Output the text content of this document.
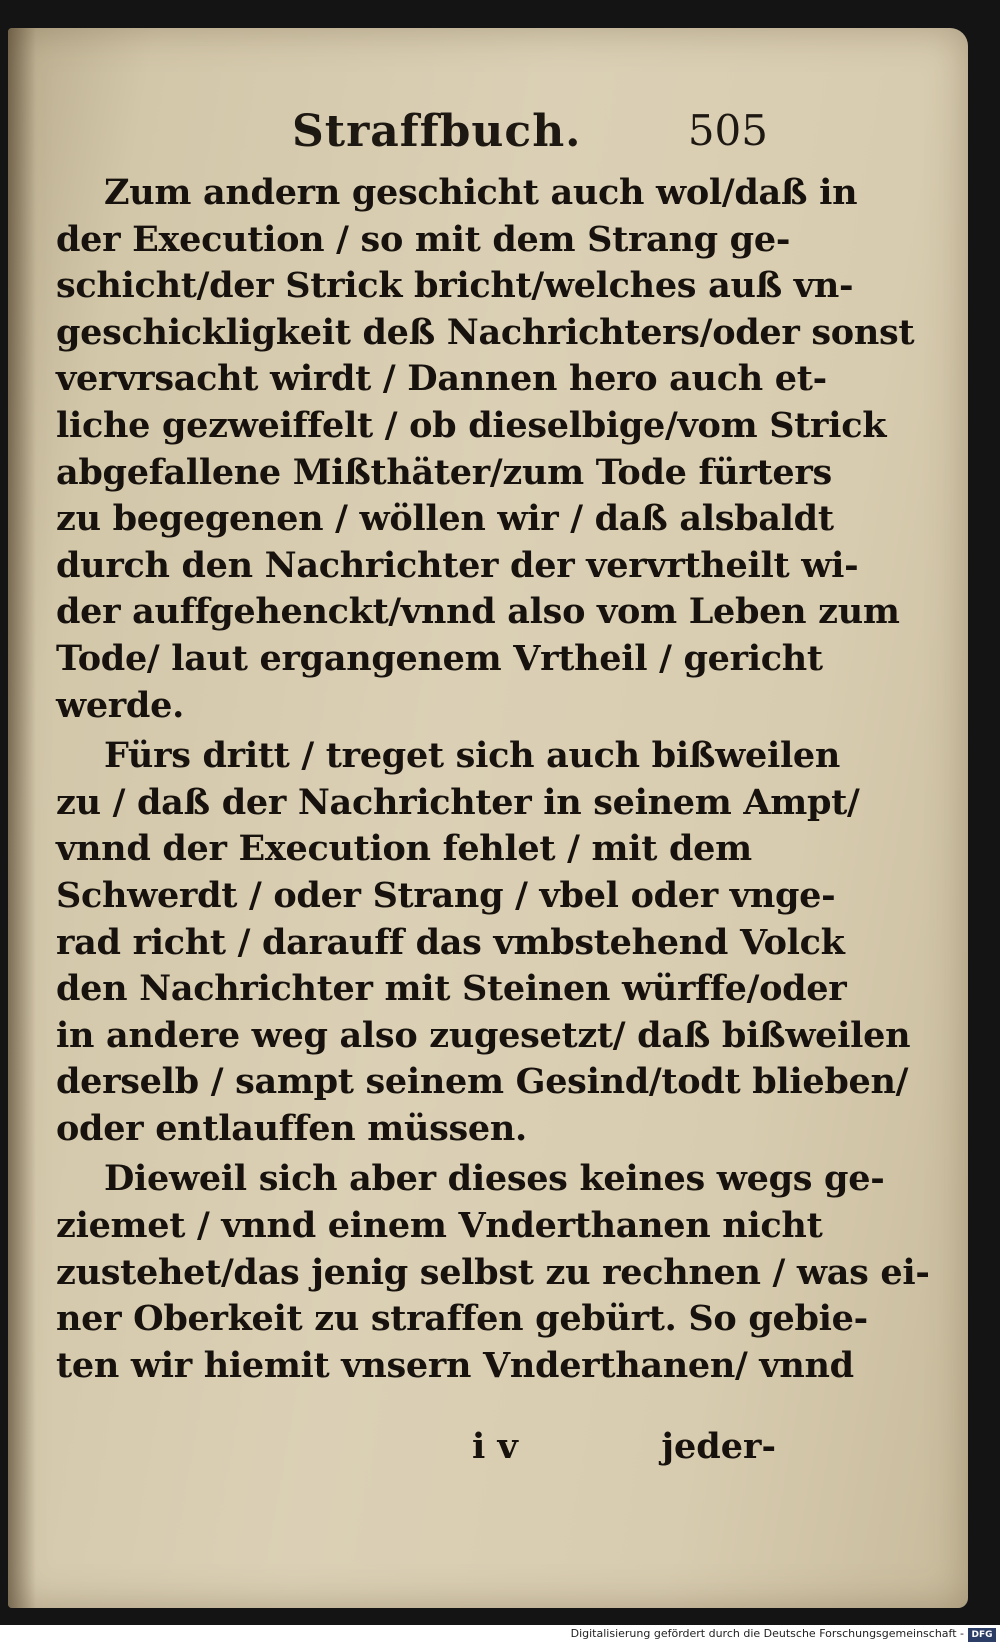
Straffbuch.	505
Zum andern geschicht auch wol/daß in
der Execution / so mit dem Strang ge-
schicht/der Strick bricht/welches auß vn-
geschickligkeit deß Nachrichters/oder sonst
vervrsacht wirdt / Dannen hero auch et-
liche gezweiffelt / ob dieselbige/vom Strick
abgefallene Mißthäter/zum Tode fürters
zu begegenen / wöllen wir / daß alsbaldt
durch den Nachrichter der vervrtheilt wi-
der auffgehenckt/vnnd also vom Leben zum
Tode/ laut ergangenem Vrtheil / gericht
werde.
Fürs dritt / treget sich auch bißweilen
zu / daß der Nachrichter in seinem Ampt/
vnnd der Execution fehlet / mit dem
Schwerdt / oder Strang / vbel oder vnge-
rad richt / darauff das vmbstehend Volck
den Nachrichter mit Steinen würffe/oder
in andere weg also zugesetzt/ daß bißweilen
derselb / sampt seinem Gesind/todt blieben/
oder entlauffen müssen.
Dieweil sich aber dieses keines wegs ge-
ziemet / vnnd einem Vnderthanen nicht
zustehet/das jenig selbst zu rechnen / was ei-
ner Oberkeit zu straffen gebürt. So gebie-
ten wir hiemit vnsern Vnderthanen/ vnnd
i v	jeder-
Digitalisierung gefördert durch die Deutsche Forschungsgemeinschaft - DFG
